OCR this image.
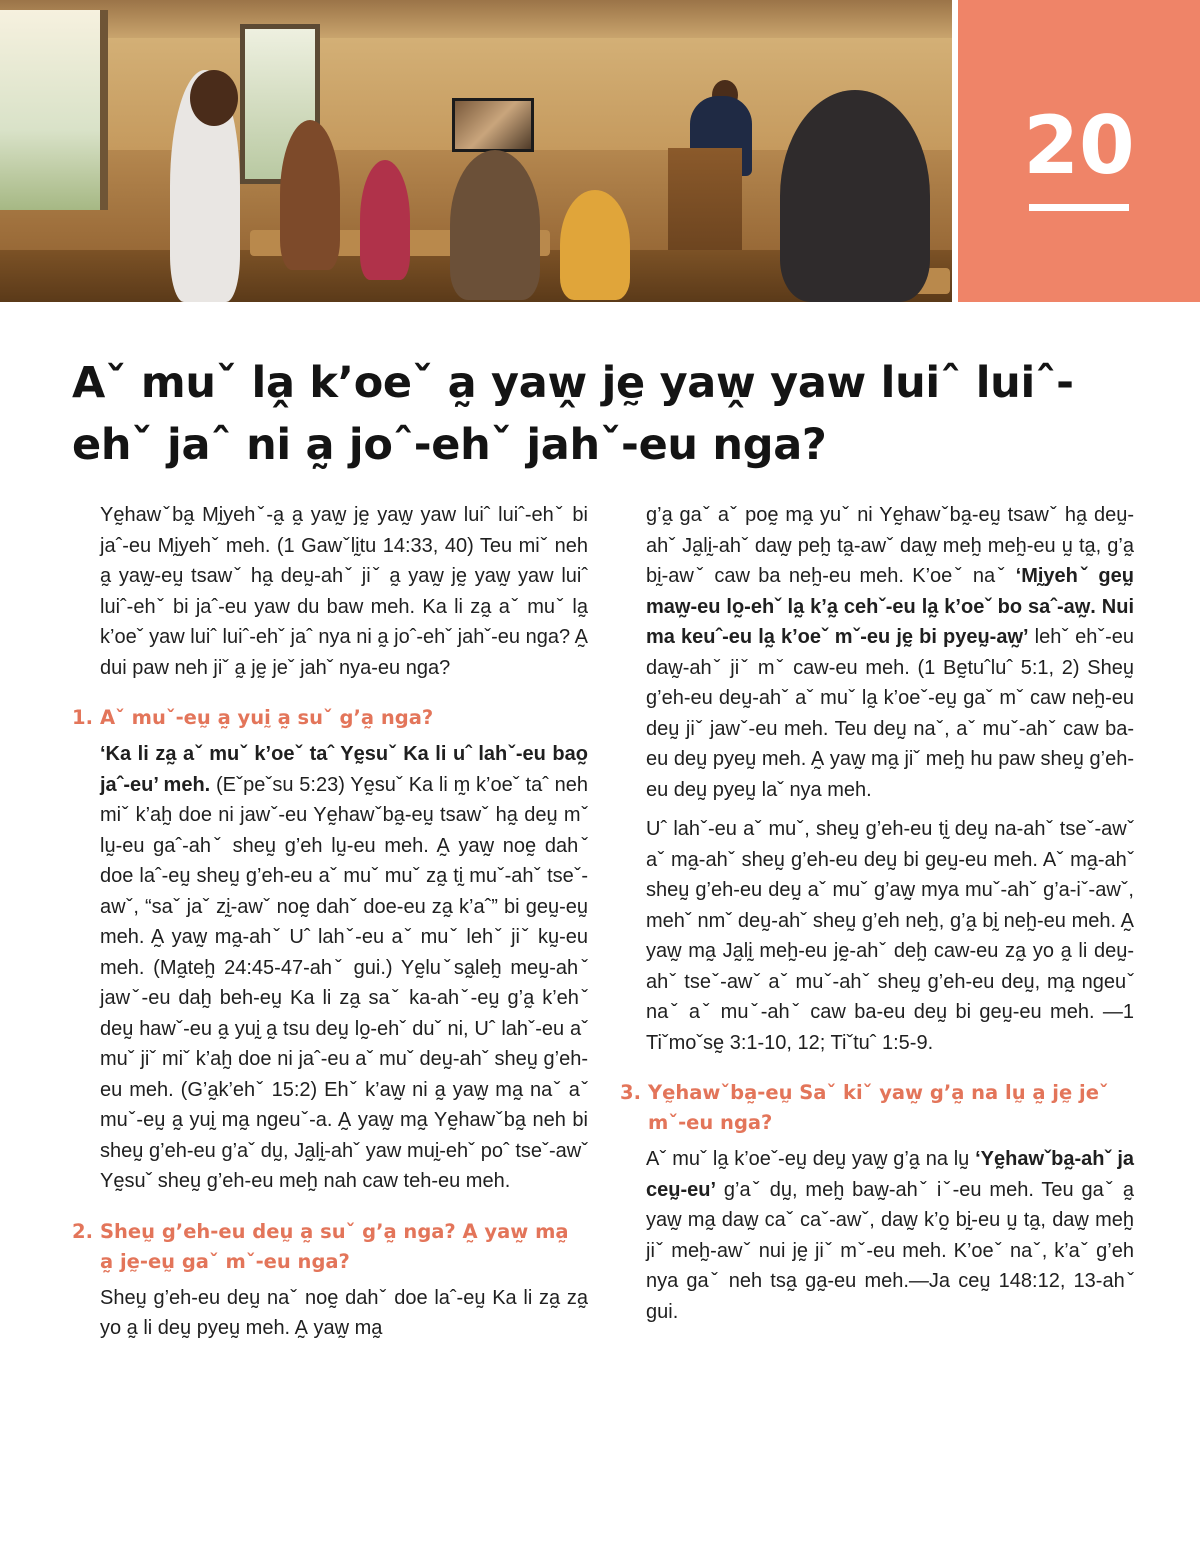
20
Aˇ muˇ la̭ k’oeˇ a̰ yaw̭ jḛ yaw̭ yaw luiˆ luiˆ-ehˇ jaˆ ni a̰ joˆ-ehˇ jahˇ-eu nga?

Yḛhawˇba̰ Mḭyehˇ-a̰ a̰ yaw̰ jḛ yaw̰ yaw luiˆ luiˆ-ehˇ bi jaˆ-eu Mḭyehˇ meh. (1 Gawˇlḭtu 14:33, 40) Teu miˇ neh a̰ yaw̰-eṵ tsawˇ ha̰ deṵ-ahˇ jiˇ a̰ yaw̰ jḛ yaw̰ yaw luiˆ luiˆ-ehˇ bi jaˆ-eu yaw du baw meh. Ka li za̰ aˇ muˇ la̰ k’oeˇ yaw luiˆ luiˆ-ehˇ jaˆ nya ni a̰ joˆ-ehˇ jahˇ-eu nga? A̰ dui paw neh jiˇ a̰ jḛ jeˇ jahˇ nya-eu nga?

1. Aˇ muˇ-eṵ a̰ yuḭ a̰ suˇ g’a̰ nga?

‘Ka li za̰ aˇ muˇ k’oeˇ taˆ Yḛsuˇ Ka li uˆ lahˇ-eu bao̰ jaˆ-eu’ meh. (Eˇpeˇsu 5:23) Yḛsuˇ Ka li m̰ k’oeˇ taˆ neh miˇ k’ah̰ doe ni jawˇ-eu Yḛhawˇba̰-eṵ tsawˇ ha̰ deṵ mˇ lṵ-eu gaˆ-ahˇ sheṵ g’eh lṵ-eu meh. A̰ yaw̰ noḛ dahˇ doe laˆ-eṵ sheṵ g’eh-eu aˇ muˇ muˇ za̰ tḭ muˇ-ahˇ tseˇ-awˇ, “saˇ jaˇ zḭ-awˇ noḛ dahˇ doe-eu za̰ k’aˆ” bi geṵ-eṵ meh. A̰ yaw̰ ma̰-ahˇ Uˆ lahˇ-eu aˇ muˇ lehˇ jiˇ kṵ-eu meh. (Ma̰teh̰ 24:45-47-ahˇ gui.) Yḛluˇsa̰leh̰ meṵ-ahˇ jawˇ-eu dah̰ beh-eṵ Ka li za̰ saˇ ka-ahˇ-eṵ g’a̰ k’ehˇ deṵ hawˇ-eu a̰ yuḭ a̰ tsu deṵ lo̰-ehˇ duˇ ni, Uˆ lahˇ-eu aˇ muˇ jiˇ miˇ k’ah̰ doe ni jaˆ-eu aˇ muˇ deṵ-ahˇ sheṵ g’eh-eu meh. (G’a̰k’ehˇ 15:2) Ehˇ k’aw̰ ni a̰ yaw̰ ma̰ naˇ aˇ muˇ-eṵ a̰ yuḭ ma̰ ngeuˇ-a. A̰ yaw̰ ma̰ Yḛhawˇba̰ neh bi sheṵ g’eh-eu g’aˇ dṵ, Ja̰lḭ-ahˇ yaw muḭ-ehˇ poˆ tseˇ-awˇ Yḛsuˇ sheṵ g’eh-eu meh̰ nah caw teh-eu meh.

2. Sheṵ g’eh-eu deṵ a̰ suˇ g’a̰ nga? A̰ yaw̰ ma̰ a̰ jḛ-eṵ gaˇ mˇ-eu nga?

Sheṵ g’eh-eu deṵ naˇ noḛ dahˇ doe laˆ-eṵ Ka li za̰ za̰ yo a̰ li deṵ pyeṵ meh. A̰ yaw̰ ma̰

g’a̰ gaˇ aˇ poḛ ma̰ yuˇ ni Yḛhawˇba̰-eṵ tsawˇ ha̰ deṵ-ahˇ Ja̰lḭ-ahˇ daw̰ peh̰ ta̰-awˇ daw̰ meh̰ meh̰-eu ṵ ta̰, g’a̰ bḭ-awˇ caw ba neh̰-eu meh. K’oeˇ naˇ ‘Mḭyehˇ geṵ maw̰-eu lo̰-ehˇ la̰ k’a̰ cehˇ-eu la̰ k’oeˇ bo saˆ-aw̰. Nui ma keuˆ-eu la̰ k’oeˇ mˇ-eu jḛ bi pyeṵ-aw̰’ lehˇ ehˇ-eu daw̰-ahˇ jiˇ mˇ caw-eu meh. (1 Bḛtuˆluˆ 5:1, 2) Sheṵ g’eh-eu deṵ-ahˇ aˇ muˇ la̰ k’oeˇ-eṵ gaˇ mˇ caw neh̰-eu deṵ jiˇ jawˇ-eu meh. Teu deṵ naˇ, aˇ muˇ-ahˇ caw ba-eu deṵ pyeṵ meh. A̰ yaw̰ ma̰ jiˇ meh̰ hu paw sheṵ g’eh-eu deṵ pyeṵ laˇ nya meh.

Uˆ lahˇ-eu aˇ muˇ, sheṵ g’eh-eu tḭ deṵ na-ahˇ tseˇ-awˇ aˇ ma̰-ahˇ sheṵ g’eh-eu deṵ bi geṵ-eu meh. Aˇ ma̰-ahˇ sheṵ g’eh-eu deṵ aˇ muˇ g’aw̰ mya muˇ-ahˇ g’a-iˇ-awˇ, mehˇ nmˇ deṵ-ahˇ sheṵ g’eh neh̰, g’a̰ bḭ neh̰-eu meh. A̰ yaw̰ ma̰ Ja̰lḭ meh̰-eu jḛ-ahˇ deh̰ caw-eu za̰ yo a̰ li deṵ-ahˇ tseˇ-awˇ aˇ muˇ-ahˇ sheṵ g’eh-eu deṵ, ma̰ ngeuˇ naˇ aˇ muˇ-ahˇ caw ba-eu deṵ bi geṵ-eu meh. —1 Tiˇmoˇsḛ 3:1-10, 12; Tiˇtuˆ 1:5-9.

3. Yḛhawˇba̰-eṵ Saˇ kiˇ yaw̰ g’a̰ na lṵ a̰ jḛ jeˇ mˇ-eu nga?

Aˇ muˇ la̰ k’oeˇ-eṵ deṵ yaw̰ g’a̰ na lṵ ‘Yḛhawˇba̰-ahˇ ja ceṵ-eu’ g’aˇ dṵ, meh̰ baw̰-ahˇ iˇ-eu meh. Teu gaˇ a̰ yaw̰ ma̰ daw̰ caˇ caˇ-awˇ, daw̰ k’o̰ bḭ-eu ṵ ta̰, daw̰ meh̰ jiˇ meh̰-awˇ nui jḛ jiˇ mˇ-eu meh. K’oeˇ naˇ, k’aˇ g’eh nya gaˇ neh tsa̰ ga̰-eu meh.—Ja ceṵ 148:12, 13-ahˇ gui.
